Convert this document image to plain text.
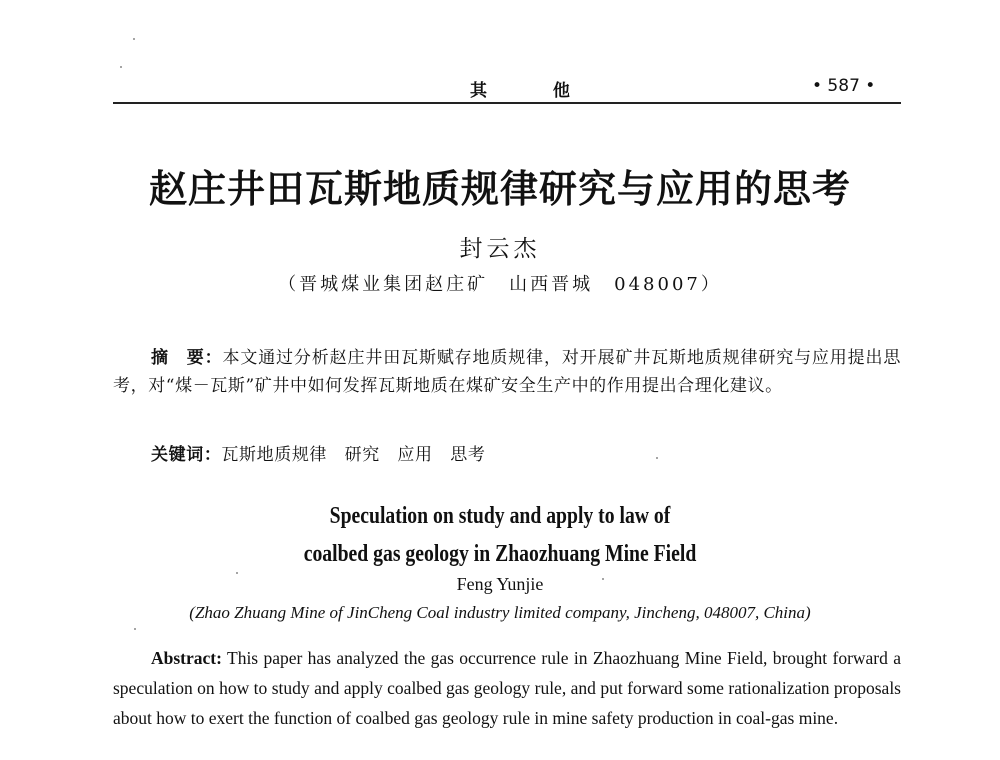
其 他	• 587 •
赵庄井田瓦斯地质规律研究与应用的思考
封云杰
（晋城煤业集团赵庄矿　山西晋城　048007）
摘　要：本文通过分析赵庄井田瓦斯赋存地质规律，对开展矿井瓦斯地质规律研究与应用提出思考，对“煤－瓦斯”矿井中如何发挥瓦斯地质在煤矿安全生产中的作用提出合理化建议。
关键词：瓦斯地质规律　研究　应用　思考
Speculation on study and apply to law of
coalbed gas geology in Zhaozhuang Mine Field
Feng Yunjie
(Zhao Zhuang Mine of JinCheng Coal industry limited company, Jincheng, 048007, China)
Abstract: This paper has analyzed the gas occurrence rule in Zhaozhuang Mine Field, brought forward a speculation on how to study and apply coalbed gas geology rule, and put forward some rationalization proposals about how to exert the function of coalbed gas geology rule in mine safety production in coal-gas mine.
